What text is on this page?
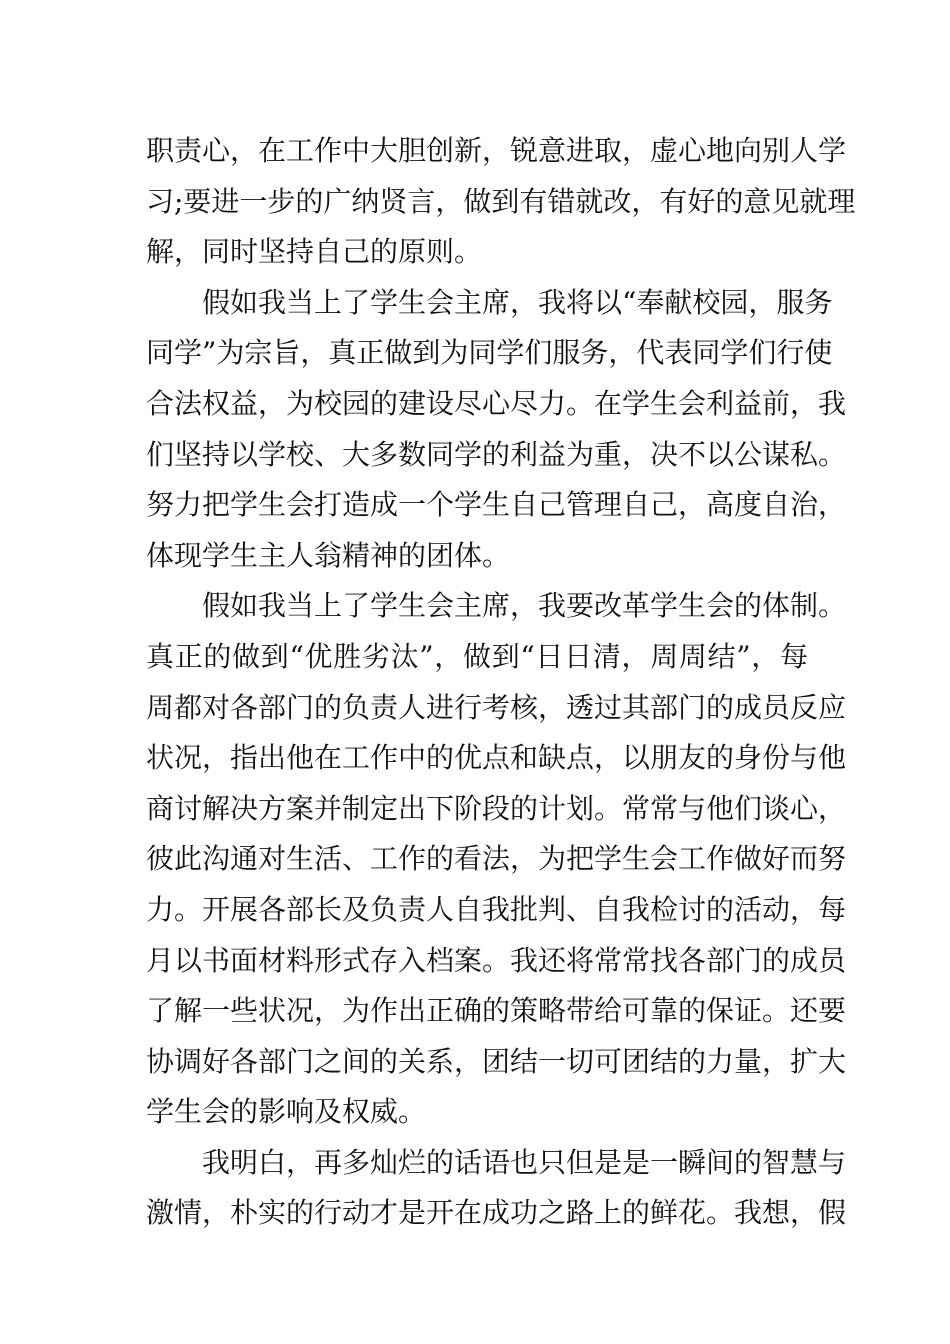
职责心，在工作中大胆创新，锐意进取，虚心地向别人学
习;要进一步的广纳贤言，做到有错就改，有好的意见就理
解，同时坚持自己的原则。
假如我当上了学生会主席，我将以“奉献校园，服务
同学”为宗旨，真正做到为同学们服务，代表同学们行使
合法权益，为校园的建设尽心尽力。在学生会利益前，我
们坚持以学校、大多数同学的利益为重，决不以公谋私。
努力把学生会打造成一个学生自己管理自己，高度自治，
体现学生主人翁精神的团体。
假如我当上了学生会主席，我要改革学生会的体制。
真正的做到“优胜劣汰”，做到“日日清，周周结”，每
周都对各部门的负责人进行考核，透过其部门的成员反应
状况，指出他在工作中的优点和缺点，以朋友的身份与他
商讨解决方案并制定出下阶段的计划。常常与他们谈心，
彼此沟通对生活、工作的看法，为把学生会工作做好而努
力。开展各部长及负责人自我批判、自我检讨的活动，每
月以书面材料形式存入档案。我还将常常找各部门的成员
了解一些状况，为作出正确的策略带给可靠的保证。还要
协调好各部门之间的关系，团结一切可团结的力量，扩大
学生会的影响及权威。
我明白，再多灿烂的话语也只但是是一瞬间的智慧与
激情，朴实的行动才是开在成功之路上的鲜花。我想，假
